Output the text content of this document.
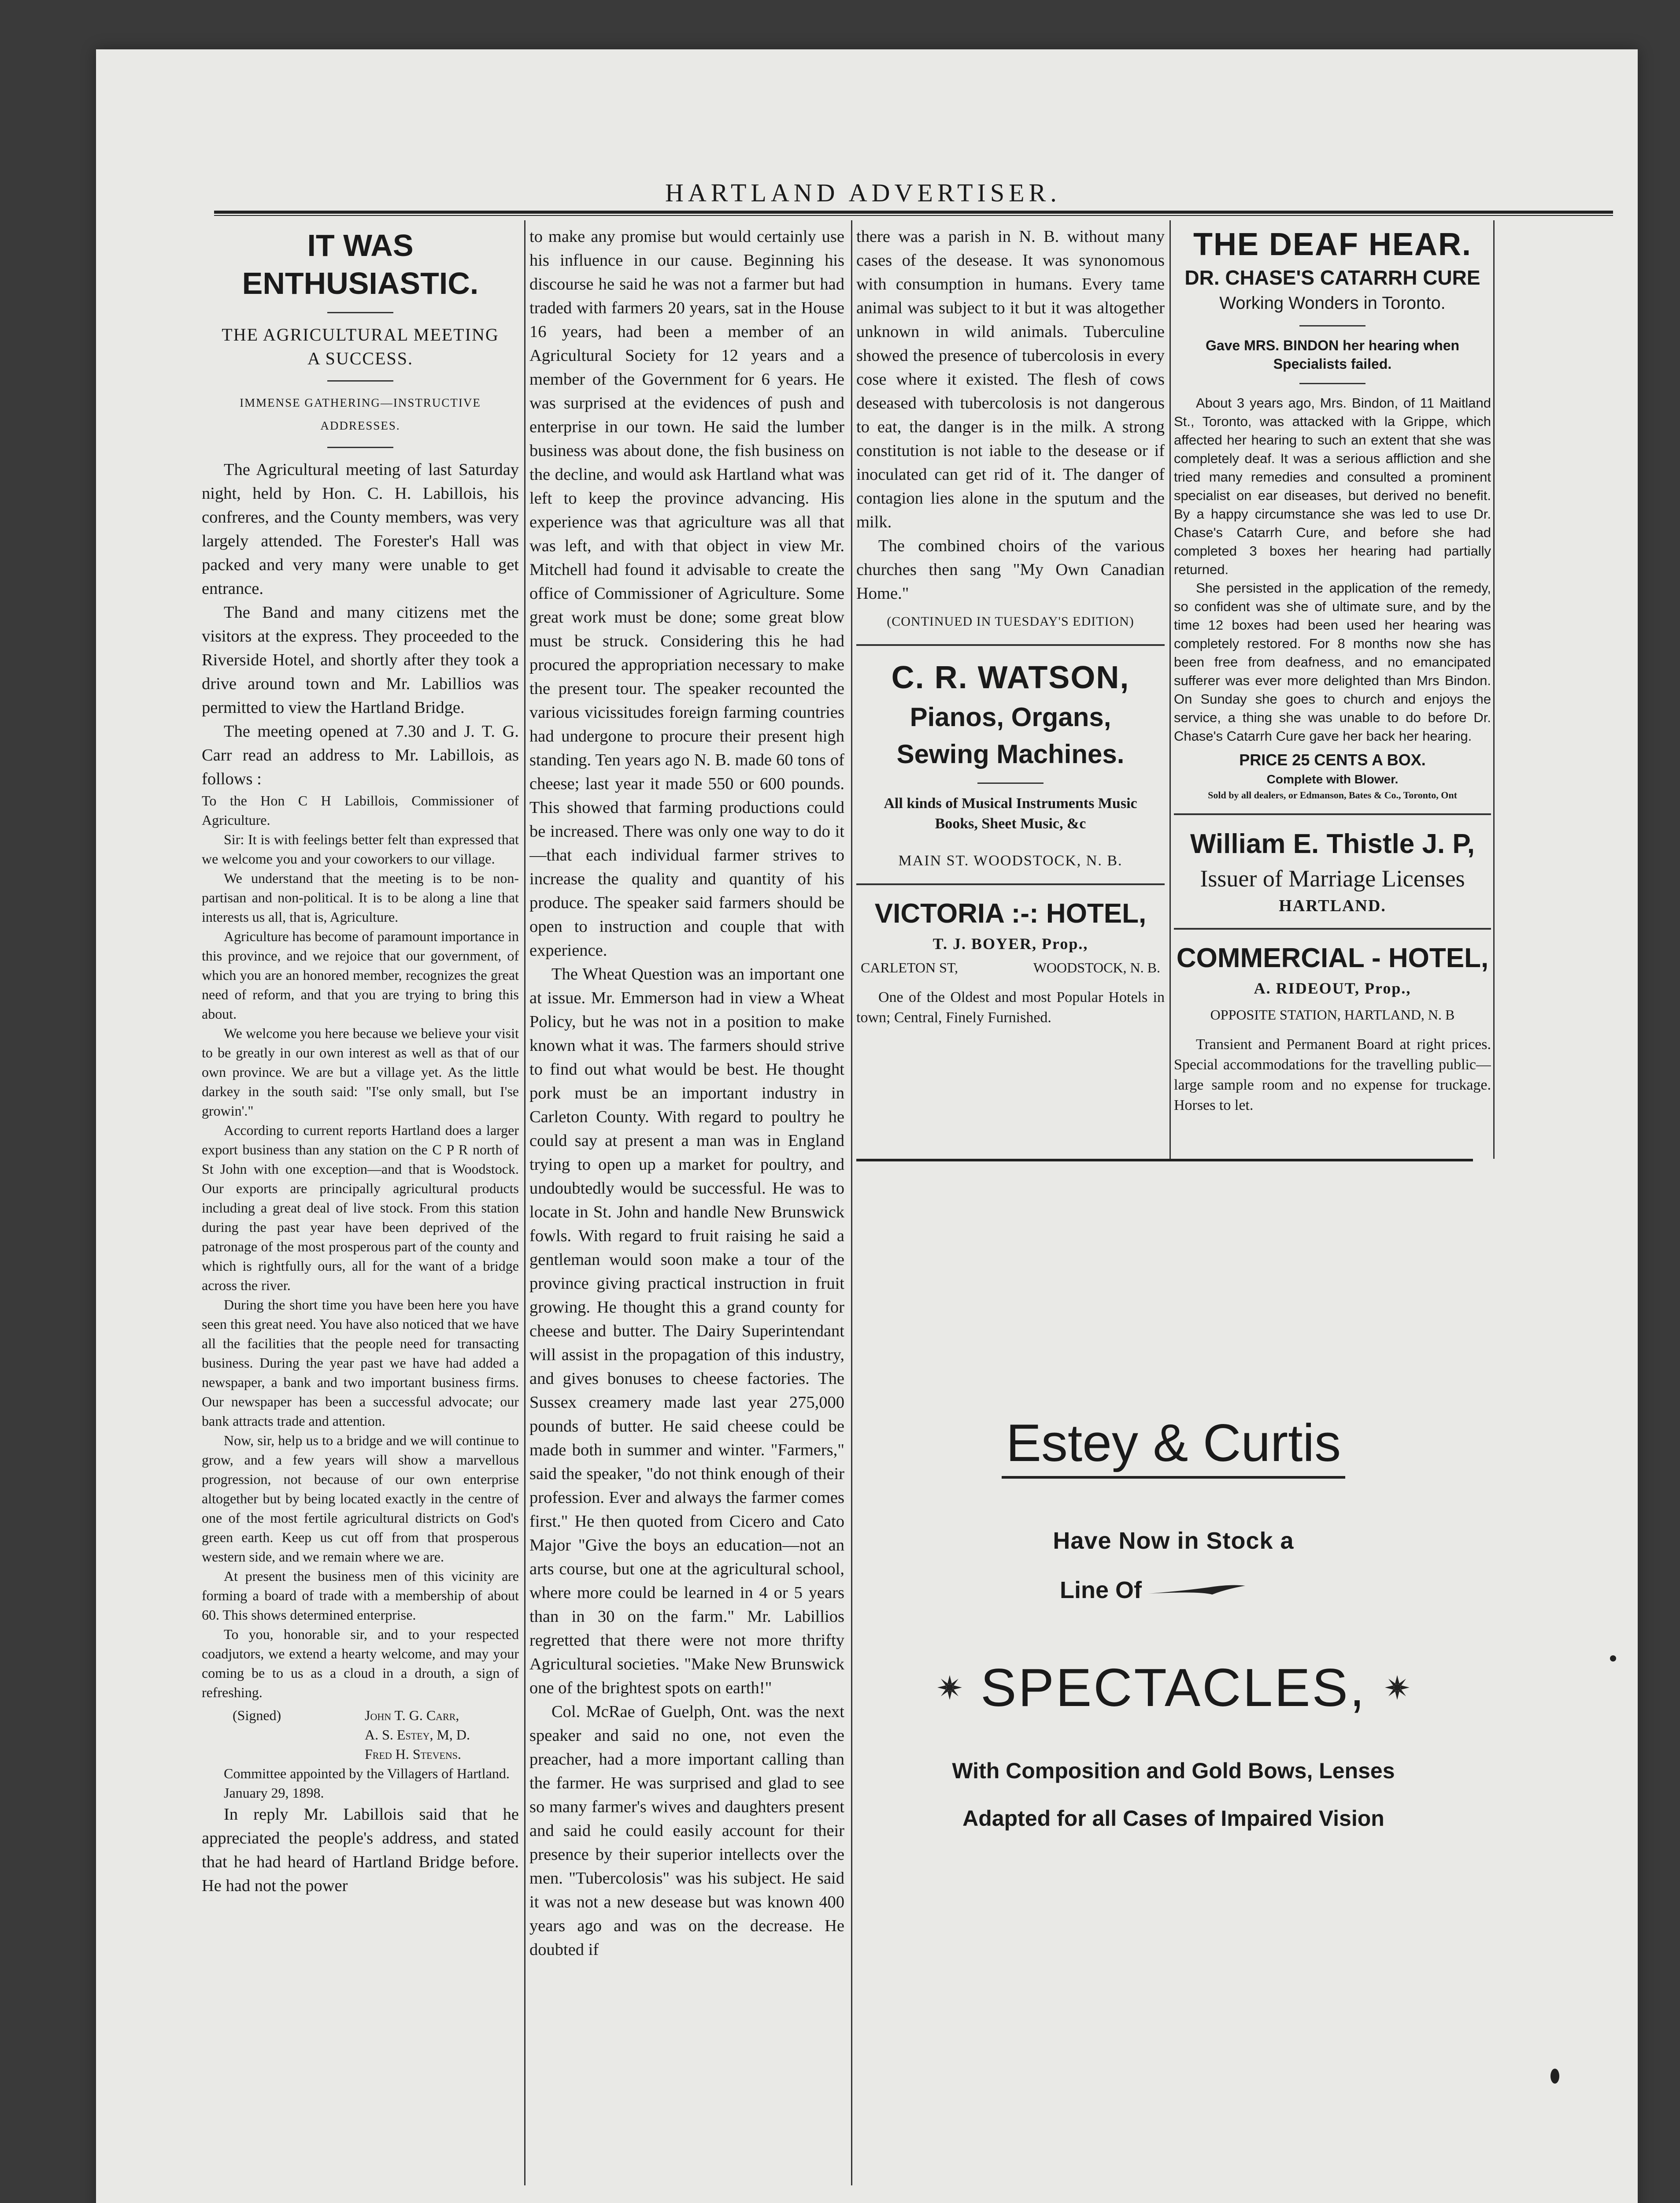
HARTLAND ADVERTISER.
IT WAS ENTHUSIASTIC.
THE AGRICULTURAL MEETING A SUCCESS.
IMMENSE GATHERING—INSTRUCTIVE ADDRESSES.

The Agricultural meeting of last Saturday night, held by Hon. C. H. Labillois, his confreres, and the County members, was very largely attended. The Forester's Hall was packed and very many were unable to get entrance.

The Band and many citizens met the visitors at the express. They proceeded to the Riverside Hotel, and shortly after they took a drive around town and Mr. Labillios was permitted to view the Hartland Bridge.

The meeting opened at 7.30 and J. T. G. Carr read an address to Mr. Labillois, as follows :

To the Hon C H Labillois, Commissioner of Agriculture.

Sir: It is with feelings better felt than expressed that we welcome you and your coworkers to our village.

We understand that the meeting is to be non-partisan and non-political. It is to be along a line that interests us all, that is, Agriculture.

Agriculture has become of paramount importance in this province, and we rejoice that our government, of which you are an honored member, recognizes the great need of reform, and that you are trying to bring this about.

We welcome you here because we believe your visit to be greatly in our own interest as well as that of our own province. We are but a village yet. As the little darkey in the south said: "I'se only small, but I'se growin'."

According to current reports Hartland does a larger export business than any station on the C P R north of St John with one exception—and that is Woodstock. Our exports are principally agricultural products including a great deal of live stock. From this station during the past year have been deprived of the patronage of the most prosperous part of the county and which is rightfully ours, all for the want of a bridge across the river.

During the short time you have been here you have seen this great need. You have also noticed that we have all the facilities that the people need for transacting business. During the year past we have had added a newspaper, a bank and two important business firms. Our newspaper has been a successful advocate; our bank attracts trade and attention.

Now, sir, help us to a bridge and we will continue to grow, and a few years will show a marvellous progression, not because of our own enterprise altogether but by being located exactly in the centre of one of the most fertile agricultural districts on God's green earth. Keep us cut off from that prosperous western side, and we remain where we are.

At present the business men of this vicinity are forming a board of trade with a membership of about 60. This shows determined enterprise.

To you, honorable sir, and to your respected coadjutors, we extend a hearty welcome, and may your coming be to us as a cloud in a drouth, a sign of refreshing.

(Signed)	John T. G. Carr,
A. S. Estey, M, D.
Fred H. Stevens.

Committee appointed by the Villagers of Hartland.

January 29, 1898.

In reply Mr. Labillois said that he appreciated the people's address, and stated that he had heard of Hartland Bridge before. He had not the power

to make any promise but would certainly use his influence in our cause. Beginning his discourse he said he was not a farmer but had traded with farmers 20 years, sat in the House 16 years, had been a member of an Agricultural Society for 12 years and a member of the Government for 6 years. He was surprised at the evidences of push and enterprise in our town. He said the lumber business was about done, the fish business on the decline, and would ask Hartland what was left to keep the province advancing. His experience was that agriculture was all that was left, and with that object in view Mr. Mitchell had found it advisable to create the office of Commissioner of Agriculture. Some great work must be done; some great blow must be struck. Considering this he had procured the appropriation necessary to make the present tour. The speaker recounted the various vicissitudes foreign farming countries had undergone to procure their present high standing. Ten years ago N. B. made 60 tons of cheese; last year it made 550 or 600 pounds. This showed that farming productions could be increased. There was only one way to do it—that each individual farmer strives to increase the quality and quantity of his produce. The speaker said farmers should be open to instruction and couple that with experience.

The Wheat Question was an important one at issue. Mr. Emmerson had in view a Wheat Policy, but he was not in a position to make known what it was. The farmers should strive to find out what would be best. He thought pork must be an important industry in Carleton County. With regard to poultry he could say at present a man was in England trying to open up a market for poultry, and undoubtedly would be successful. He was to locate in St. John and handle New Brunswick fowls. With regard to fruit raising he said a gentleman would soon make a tour of the province giving practical instruction in fruit growing. He thought this a grand county for cheese and butter. The Dairy Superintendant will assist in the propagation of this industry, and gives bonuses to cheese factories. The Sussex creamery made last year 275,000 pounds of butter. He said cheese could be made both in summer and winter. "Farmers," said the speaker, "do not think enough of their profession. Ever and always the farmer comes first." He then quoted from Cicero and Cato Major "Give the boys an education—not an arts course, but one at the agricultural school, where more could be learned in 4 or 5 years than in 30 on the farm." Mr. Labillios regretted that there were not more thrifty Agricultural societies. "Make New Brunswick one of the brightest spots on earth!"

Col. McRae of Guelph, Ont. was the next speaker and said no one, not even the preacher, had a more important calling than the farmer. He was surprised and glad to see so many farmer's wives and daughters present and said he could easily account for their presence by their superior intellects over the men. "Tubercolosis" was his subject. He said it was not a new desease but was known 400 years ago and was on the decrease. He doubted if

there was a parish in N. B. without many cases of the desease. It was synonomous with consumption in humans. Every tame animal was subject to it but it was altogether unknown in wild animals. Tuberculine showed the presence of tubercolosis in every cose where it existed. The flesh of cows deseased with tubercolosis is not dangerous to eat, the danger is in the milk. A strong constitution is not iable to the desease or if inoculated can get rid of it. The danger of contagion lies alone in the sputum and the milk.

The combined choirs of the various churches then sang "My Own Canadian Home."

(CONTINUED IN TUESDAY'S EDITION)
C. R. WATSON,
Pianos, Organs, Sewing Machines.
All kinds of Musical Instruments Music Books, Sheet Music, &c
MAIN ST. WOODSTOCK, N. B.
VICTORIA :-: HOTEL,
T. J. BOYER, Prop.,
CARLETON ST,	WOODSTOCK, N. B.

One of the Oldest and most Popular Hotels in town; Central, Finely Furnished.

THE DEAF HEAR.
DR. CHASE'S CATARRH CURE
Working Wonders in Toronto.
Gave MRS. BINDON her hearing when Specialists failed.

About 3 years ago, Mrs. Bindon, of 11 Maitland St., Toronto, was attacked with la Grippe, which affected her hearing to such an extent that she was completely deaf. It was a serious affliction and she tried many remedies and consulted a prominent specialist on ear diseases, but derived no benefit. By a happy circumstance she was led to use Dr. Chase's Catarrh Cure, and before she had completed 3 boxes her hearing had partially returned.

She persisted in the application of the remedy, so confident was she of ultimate sure, and by the time 12 boxes had been used her hearing was completely restored. For 8 months now she has been free from deafness, and no emancipated sufferer was ever more delighted than Mrs Bindon. On Sunday she goes to church and enjoys the service, a thing she was unable to do before Dr. Chase's Catarrh Cure gave her back her hearing.

PRICE 25 CENTS A BOX.
Complete with Blower.
Sold by all dealers, or Edmanson, Bates & Co., Toronto, Ont
William E. Thistle J. P,
Issuer of Marriage Licenses
HARTLAND.
COMMERCIAL - HOTEL,
A. RIDEOUT, Prop.,
OPPOSITE STATION, HARTLAND, N. B

Transient and Permanent Board at right prices. Special accommodations for the travelling public—large sample room and no expense for truckage. Horses to let.

Estey & Curtis
Have Now in Stock a
Line Of
SPECTACLES,
With Composition and Gold Bows, Lenses
Adapted for all Cases of Impaired Vision
